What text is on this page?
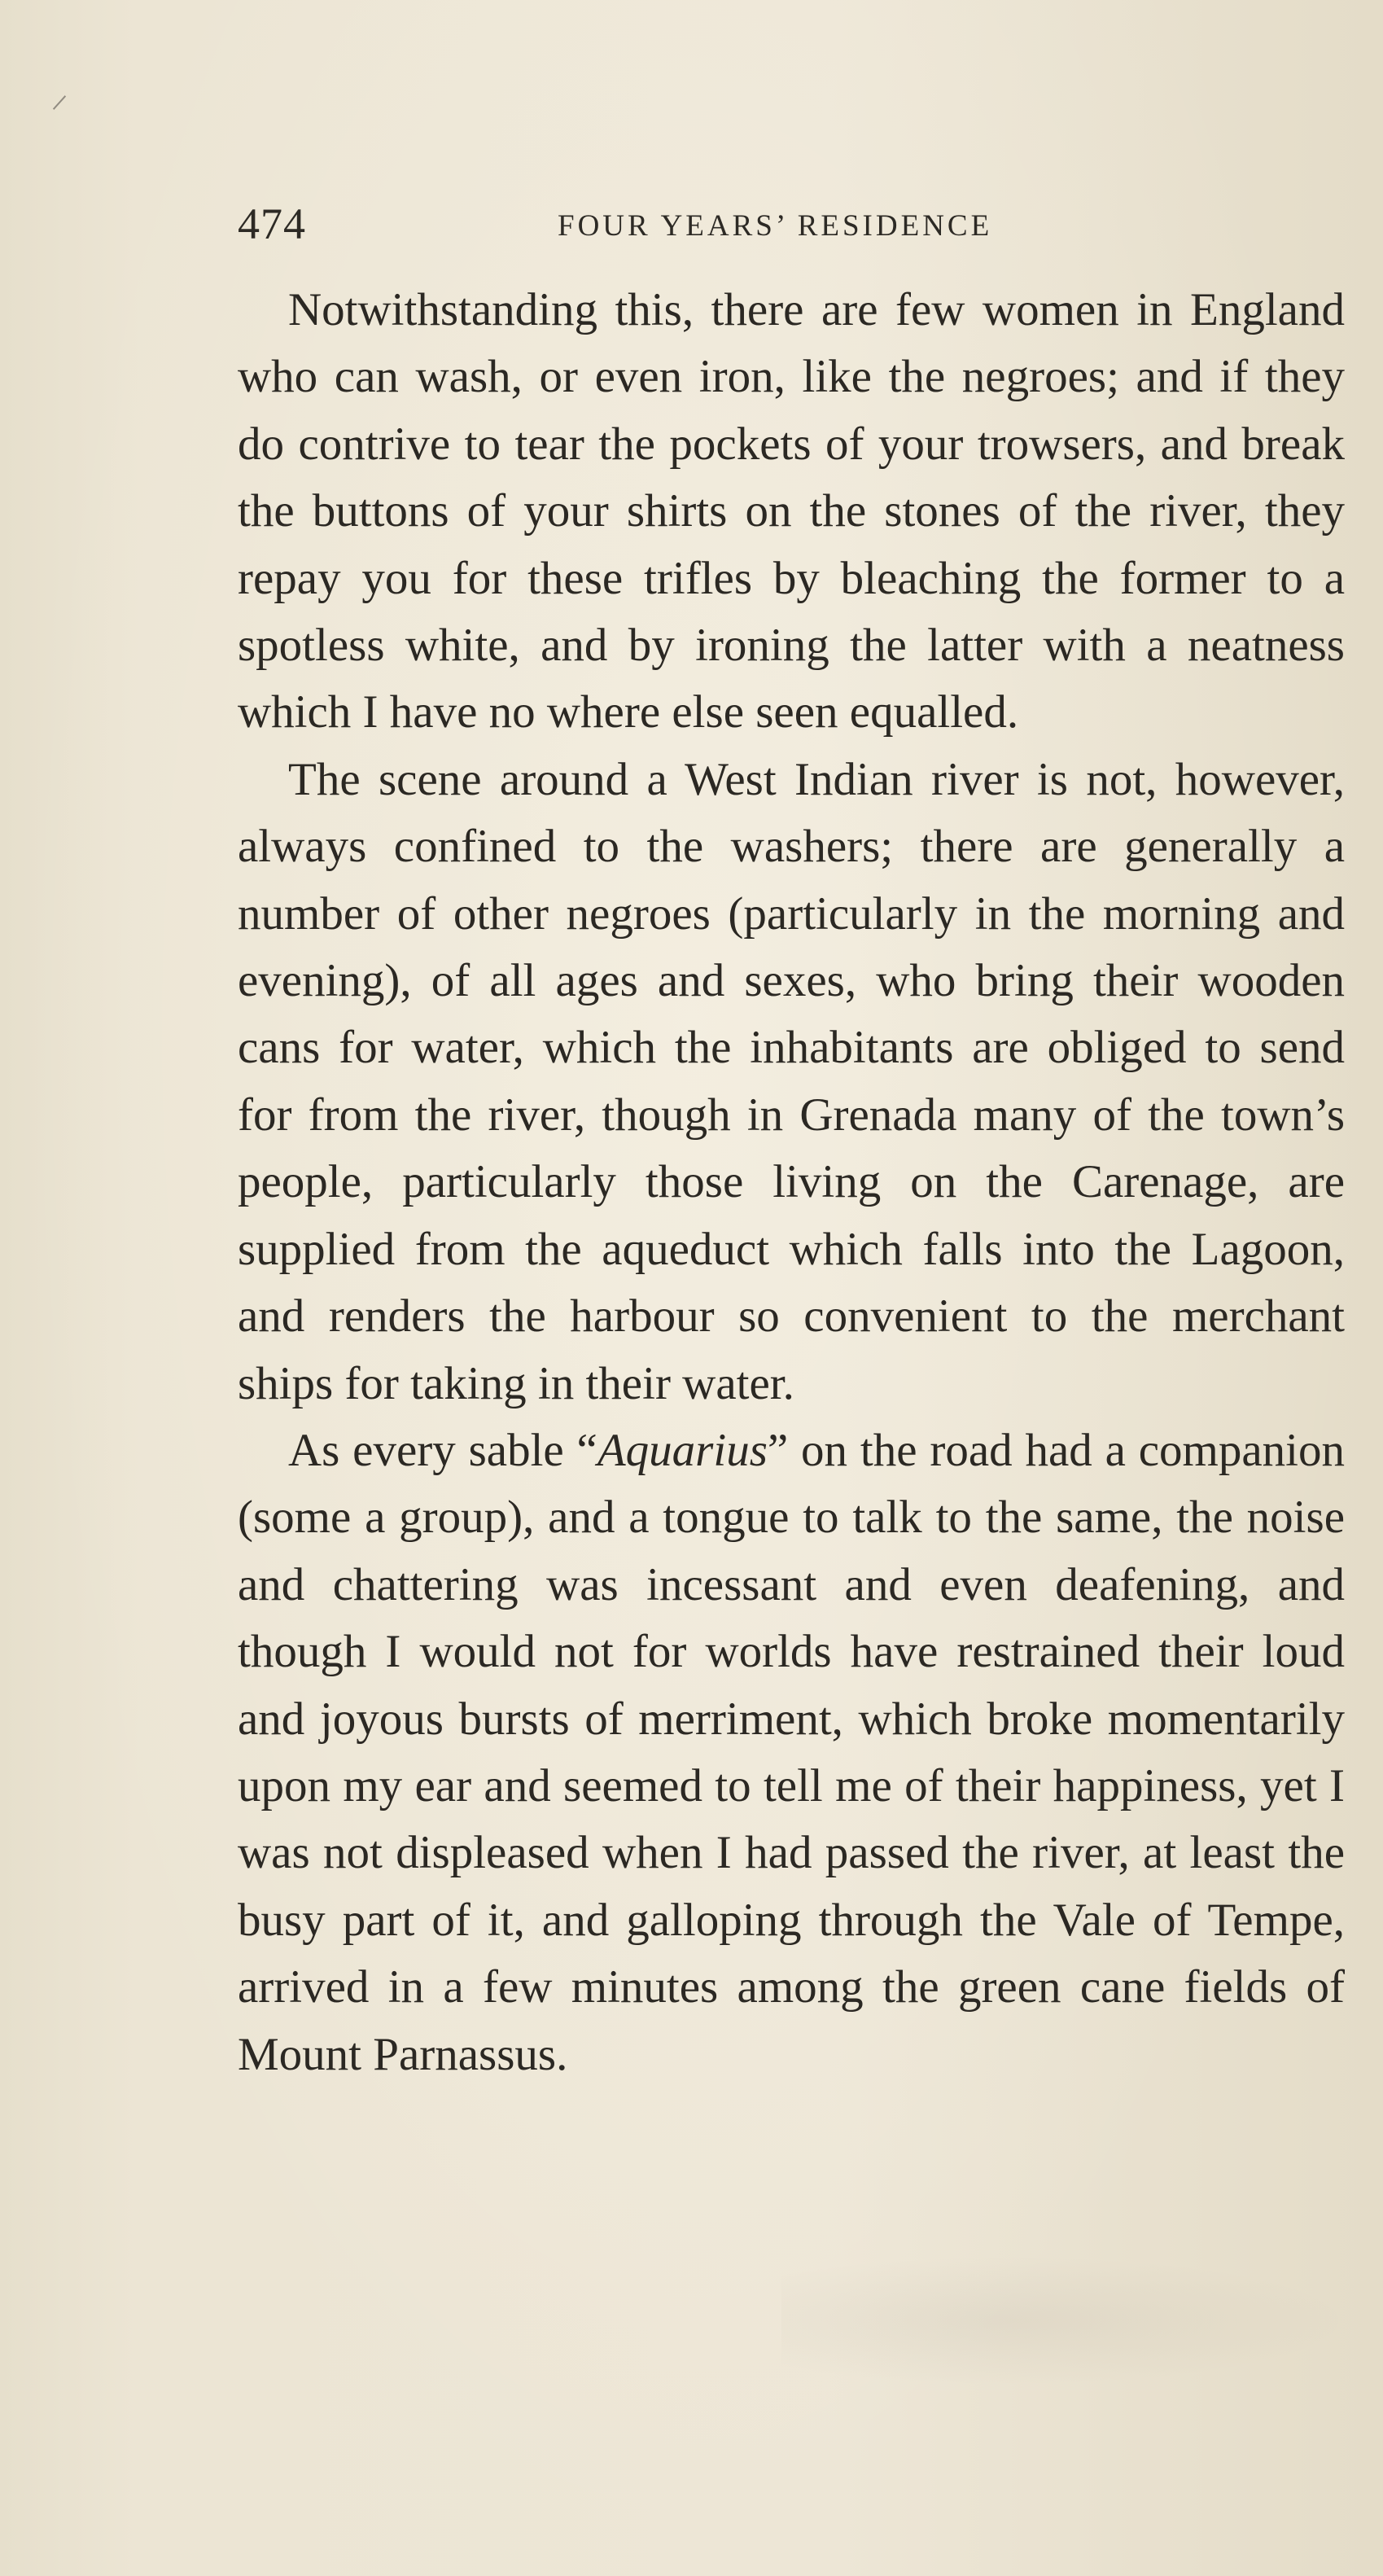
474	FOUR YEARS’ RESIDENCE

Notwithstanding this, there are few women in England who can wash, or even iron, like the negroes; and if they do contrive to tear the pockets of your trowsers, and break the buttons of your shirts on the stones of the river, they repay you for these trifles by bleaching the former to a spotless white, and by ironing the latter with a neatness which I have no where else seen equalled.

The scene around a West Indian river is not, however, always confined to the washers; there are generally a number of other negroes (particularly in the morning and evening), of all ages and sexes, who bring their wooden cans for water, which the inhabitants are obliged to send for from the river, though in Grenada many of the town’s people, particularly those living on the Carenage, are supplied from the aqueduct which falls into the Lagoon, and renders the harbour so convenient to the merchant ships for taking in their water.

As every sable “Aquarius” on the road had a companion (some a group), and a tongue to talk to the same, the noise and chattering was incessant and even deafening, and though I would not for worlds have restrained their loud and joyous bursts of merriment, which broke momentarily upon my ear and seemed to tell me of their happiness, yet I was not displeased when I had passed the river, at least the busy part of it, and galloping through the Vale of Tempe, arrived in a few minutes among the green cane fields of Mount Parnassus.
